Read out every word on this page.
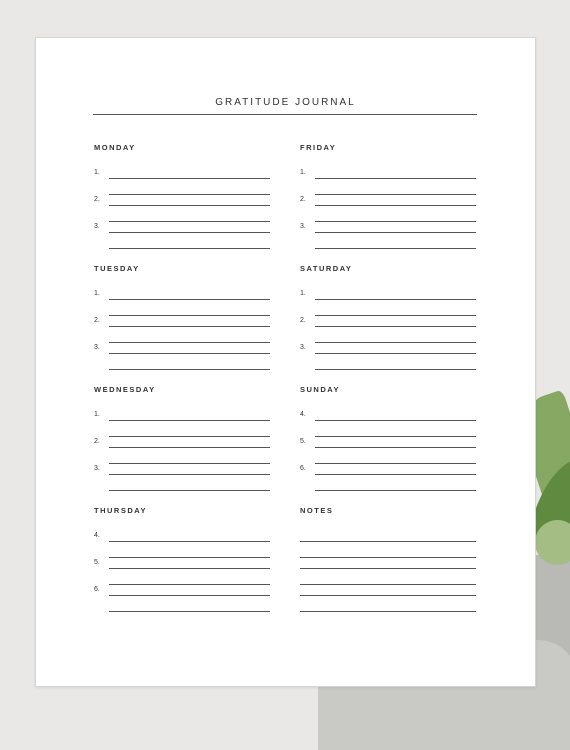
GRATITUDE JOURNAL
MONDAY
1.
2.
3.
TUESDAY
1.
2.
3.
WEDNESDAY
1.
2.
3.
THURSDAY
4.
5.
6.
FRIDAY
1.
2.
3.
SATURDAY
1.
2.
3.
SUNDAY
4.
5.
6.
NOTES
